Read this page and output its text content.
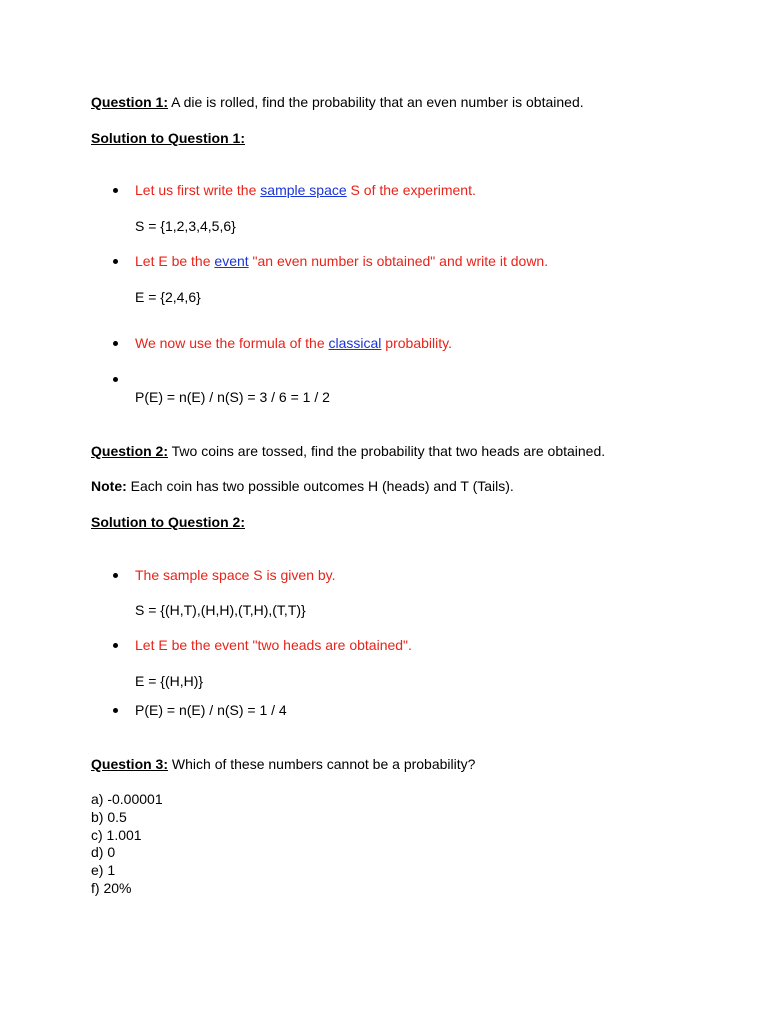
Question 1: A die is rolled, find the probability that an even number is obtained.
Solution to Question 1:
Let us first write the sample space S of the experiment.
S = {1,2,3,4,5,6}
Let E be the event "an even number is obtained" and write it down.
E = {2,4,6}
We now use the formula of the classical probability.
P(E) = n(E) / n(S) = 3 / 6 = 1 / 2
Question 2: Two coins are tossed, find the probability that two heads are obtained.
Note: Each coin has two possible outcomes H (heads) and T (Tails).
Solution to Question 2:
The sample space S is given by.
S = {(H,T),(H,H),(T,H),(T,T)}
Let E be the event "two heads are obtained".
E = {(H,H)}
P(E) = n(E) / n(S) = 1 / 4
Question 3: Which of these numbers cannot be a probability?
a) -0.00001
b) 0.5
c) 1.001
d) 0
e) 1
f) 20%
